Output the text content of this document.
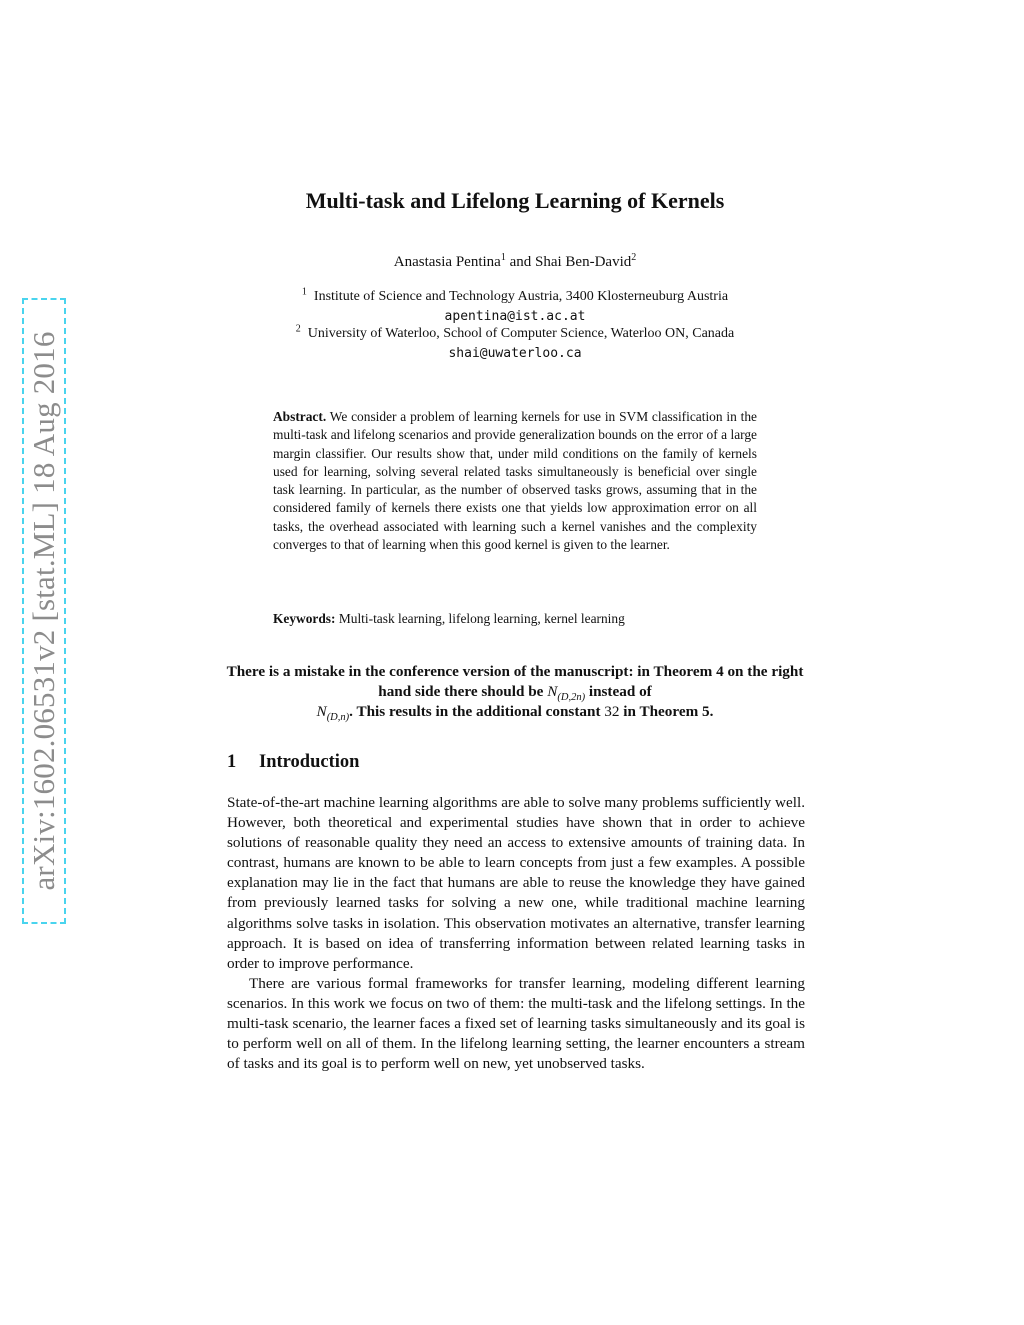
arXiv:1602.06531v2 [stat.ML] 18 Aug 2016
Multi-task and Lifelong Learning of Kernels
Anastasia Pentina$^1$ and Shai Ben-David$^2$
$^1$ Institute of Science and Technology Austria, 3400 Klosterneuburg Austria
apentina@ist.ac.at
$^2$ University of Waterloo, School of Computer Science, Waterloo ON, Canada
shai@uwaterloo.ca
Abstract. We consider a problem of learning kernels for use in SVM classification in the multi-task and lifelong scenarios and provide generalization bounds on the error of a large margin classifier. Our results show that, under mild conditions on the family of kernels used for learning, solving several related tasks simultaneously is beneficial over single task learning. In particular, as the number of observed tasks grows, assuming that in the considered family of kernels there exists one that yields low approximation error on all tasks, the overhead associated with learning such a kernel vanishes and the complexity converges to that of learning when this good kernel is given to the learner.
Keywords: Multi-task learning, lifelong learning, kernel learning
There is a mistake in the conference version of the manuscript: in Theorem 4 on the right hand side there should be $N_{(D,2n)}$ instead of
$N_{(D,n)}$. This results in the additional constant 32 in Theorem 5.
1 Introduction

State-of-the-art machine learning algorithms are able to solve many problems sufficiently well. However, both theoretical and experimental studies have shown that in order to achieve solutions of reasonable quality they need an access to extensive amounts of training data. In contrast, humans are known to be able to learn concepts from just a few examples. A possible explanation may lie in the fact that humans are able to reuse the knowledge they have gained from previously learned tasks for solving a new one, while traditional machine learning algorithms solve tasks in isolation. This observation motivates an alternative, transfer learning approach. It is based on idea of transferring information between related learning tasks in order to improve performance.

There are various formal frameworks for transfer learning, modeling different learning scenarios. In this work we focus on two of them: the multi-task and the lifelong settings. In the multi-task scenario, the learner faces a fixed set of learning tasks simultaneously and its goal is to perform well on all of them. In the lifelong learning setting, the learner encounters a stream of tasks and its goal is to perform well on new, yet unobserved tasks.
